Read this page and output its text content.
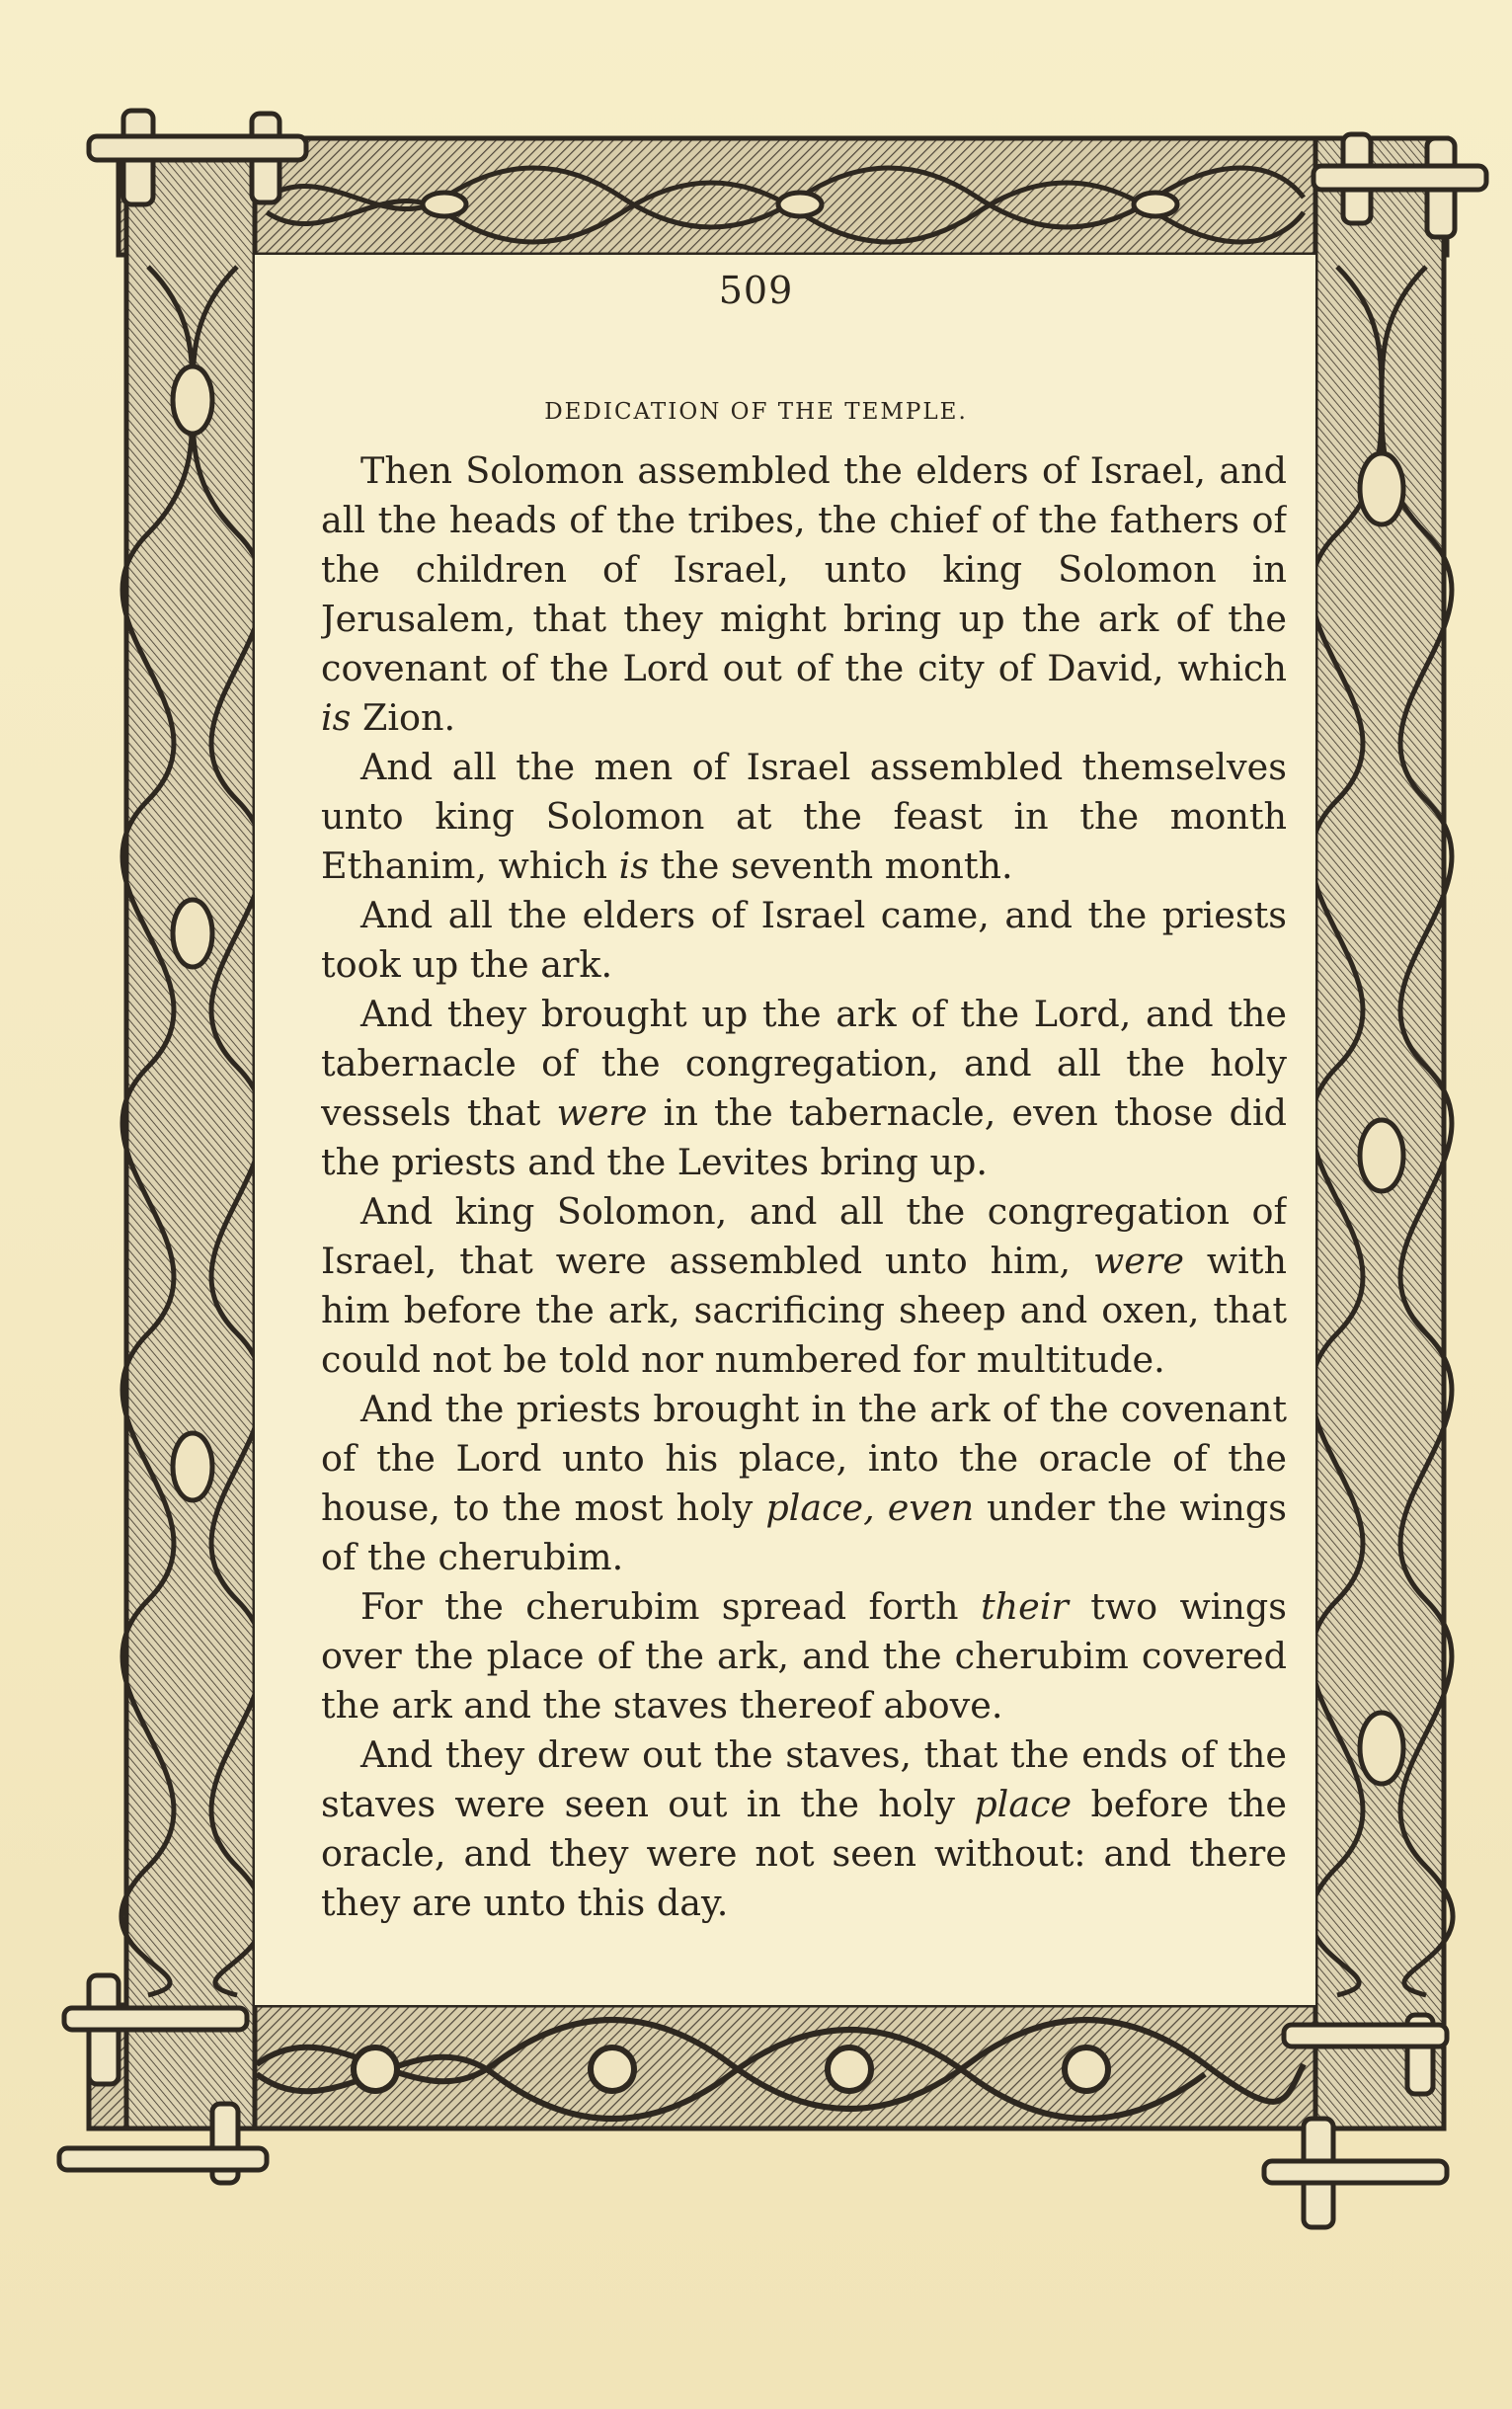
509
DEDICATION OF THE TEMPLE.

Then Solomon assembled the elders of Israel, and all the heads of the tribes, the chief of the fathers of the children of Israel, unto king Solomon in Jerusalem, that they might bring up the ark of the covenant of the Lord out of the city of David, which is Zion.

And all the men of Israel assembled themselves unto king Solomon at the feast in the month Ethanim, which is the seventh month.

And all the elders of Israel came, and the priests took up the ark.

And they brought up the ark of the Lord, and the tabernacle of the congregation, and all the holy vessels that were in the tabernacle, even those did the priests and the Levites bring up.

And king Solomon, and all the congregation of Israel, that were assembled unto him, were with him before the ark, sacrificing sheep and oxen, that could not be told nor numbered for multitude.

And the priests brought in the ark of the covenant of the Lord unto his place, into the oracle of the house, to the most holy place, even under the wings of the cherubim.

For the cherubim spread forth their two wings over the place of the ark, and the cherubim covered the ark and the staves thereof above.

And they drew out the staves, that the ends of the staves were seen out in the holy place before the oracle, and they were not seen without: and there they are unto this day.
